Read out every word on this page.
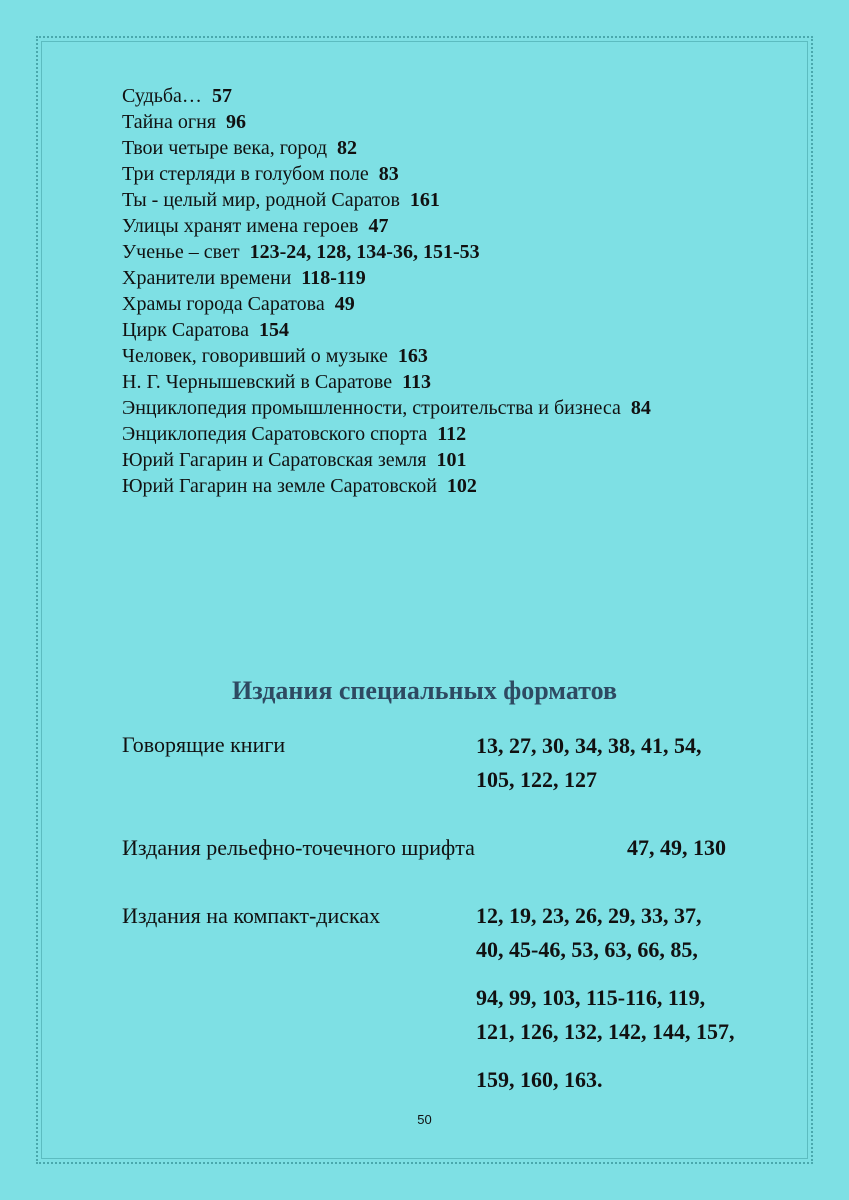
Судьба… 57
Тайна огня 96
Твои четыре века, город 82
Три стерляди в голубом поле 83
Ты - целый мир, родной Саратов 161
Улицы хранят имена героев 47
Ученье – свет 123-24, 128, 134-36, 151-53
Хранители времени 118-119
Храмы города Саратова 49
Цирк Саратова 154
Человек, говоривший о музыке 163
Н. Г. Чернышевский в Саратове 113
Энциклопедия промышленности, строительства и бизнеса 84
Энциклопедия Саратовского спорта 112
Юрий Гагарин и Саратовская земля 101
Юрий Гагарин на земле Саратовской 102
Издания специальных форматов
Говорящие книги	13, 27, 30, 34, 38, 41, 54,
105, 122, 127
Издания рельефно-точечного шрифта	47, 49, 130
Издания на компакт-дисках	12, 19, 23, 26, 29, 33, 37,
40, 45-46, 53, 63, 66, 85,
94, 99, 103, 115-116, 119,
121, 126, 132, 142, 144, 157,
159, 160, 163.
50
